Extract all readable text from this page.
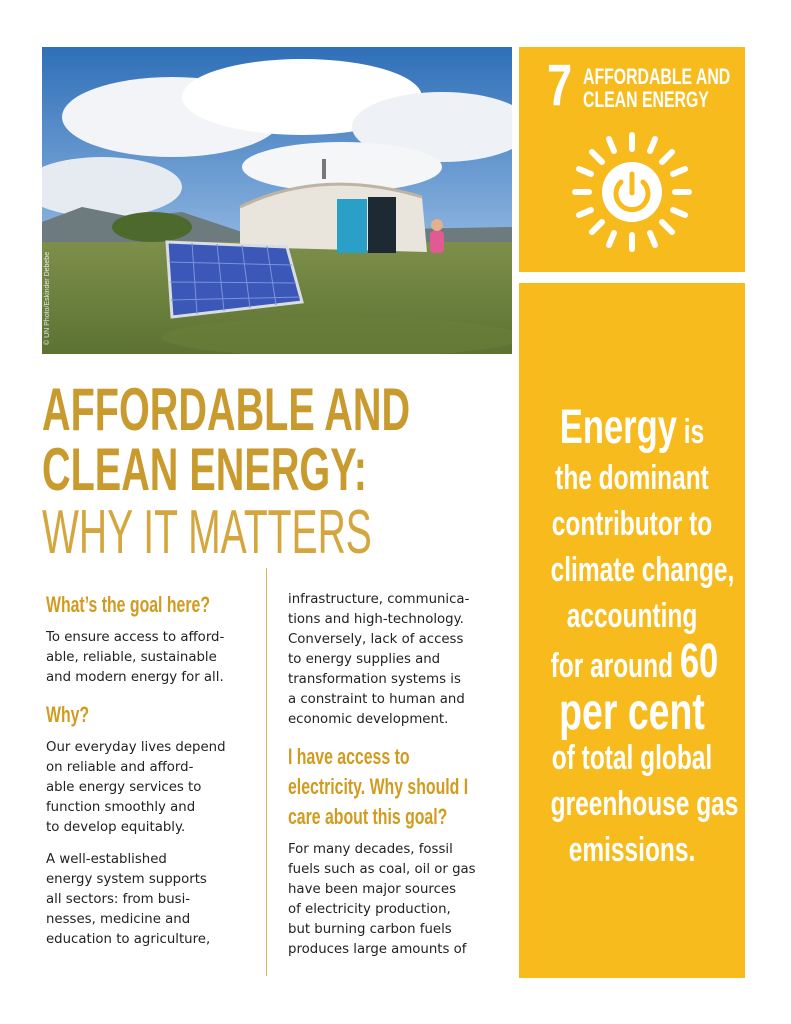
© UN Photo/Eskinder Debebe
7 AFFORDABLE AND
CLEAN ENERGY
Energy is
the dominant
contributor to
climate change,
accounting
for around 60
per cent
of total global
greenhouse gas
emissions.
AFFORDABLE AND
CLEAN ENERGY:
WHY IT MATTERS
What’s the goal here?
To ensure access to afford-
able, reliable, sustainable
and modern energy for all.
Why?
Our everyday lives depend
on reliable and afford-
able energy services to
function smoothly and
to develop equitably.
A well-established
energy system supports
all sectors: from busi-
nesses, medicine and
education to agriculture,
infrastructure, communica-
tions and high-technology.
Conversely, lack of access
to energy supplies and
transformation systems is
a constraint to human and
economic development.
I have access to
electricity. Why should I
care about this goal?
For many decades, fossil
fuels such as coal, oil or gas
have been major sources
of electricity production,
but burning carbon fuels
produces large amounts of
